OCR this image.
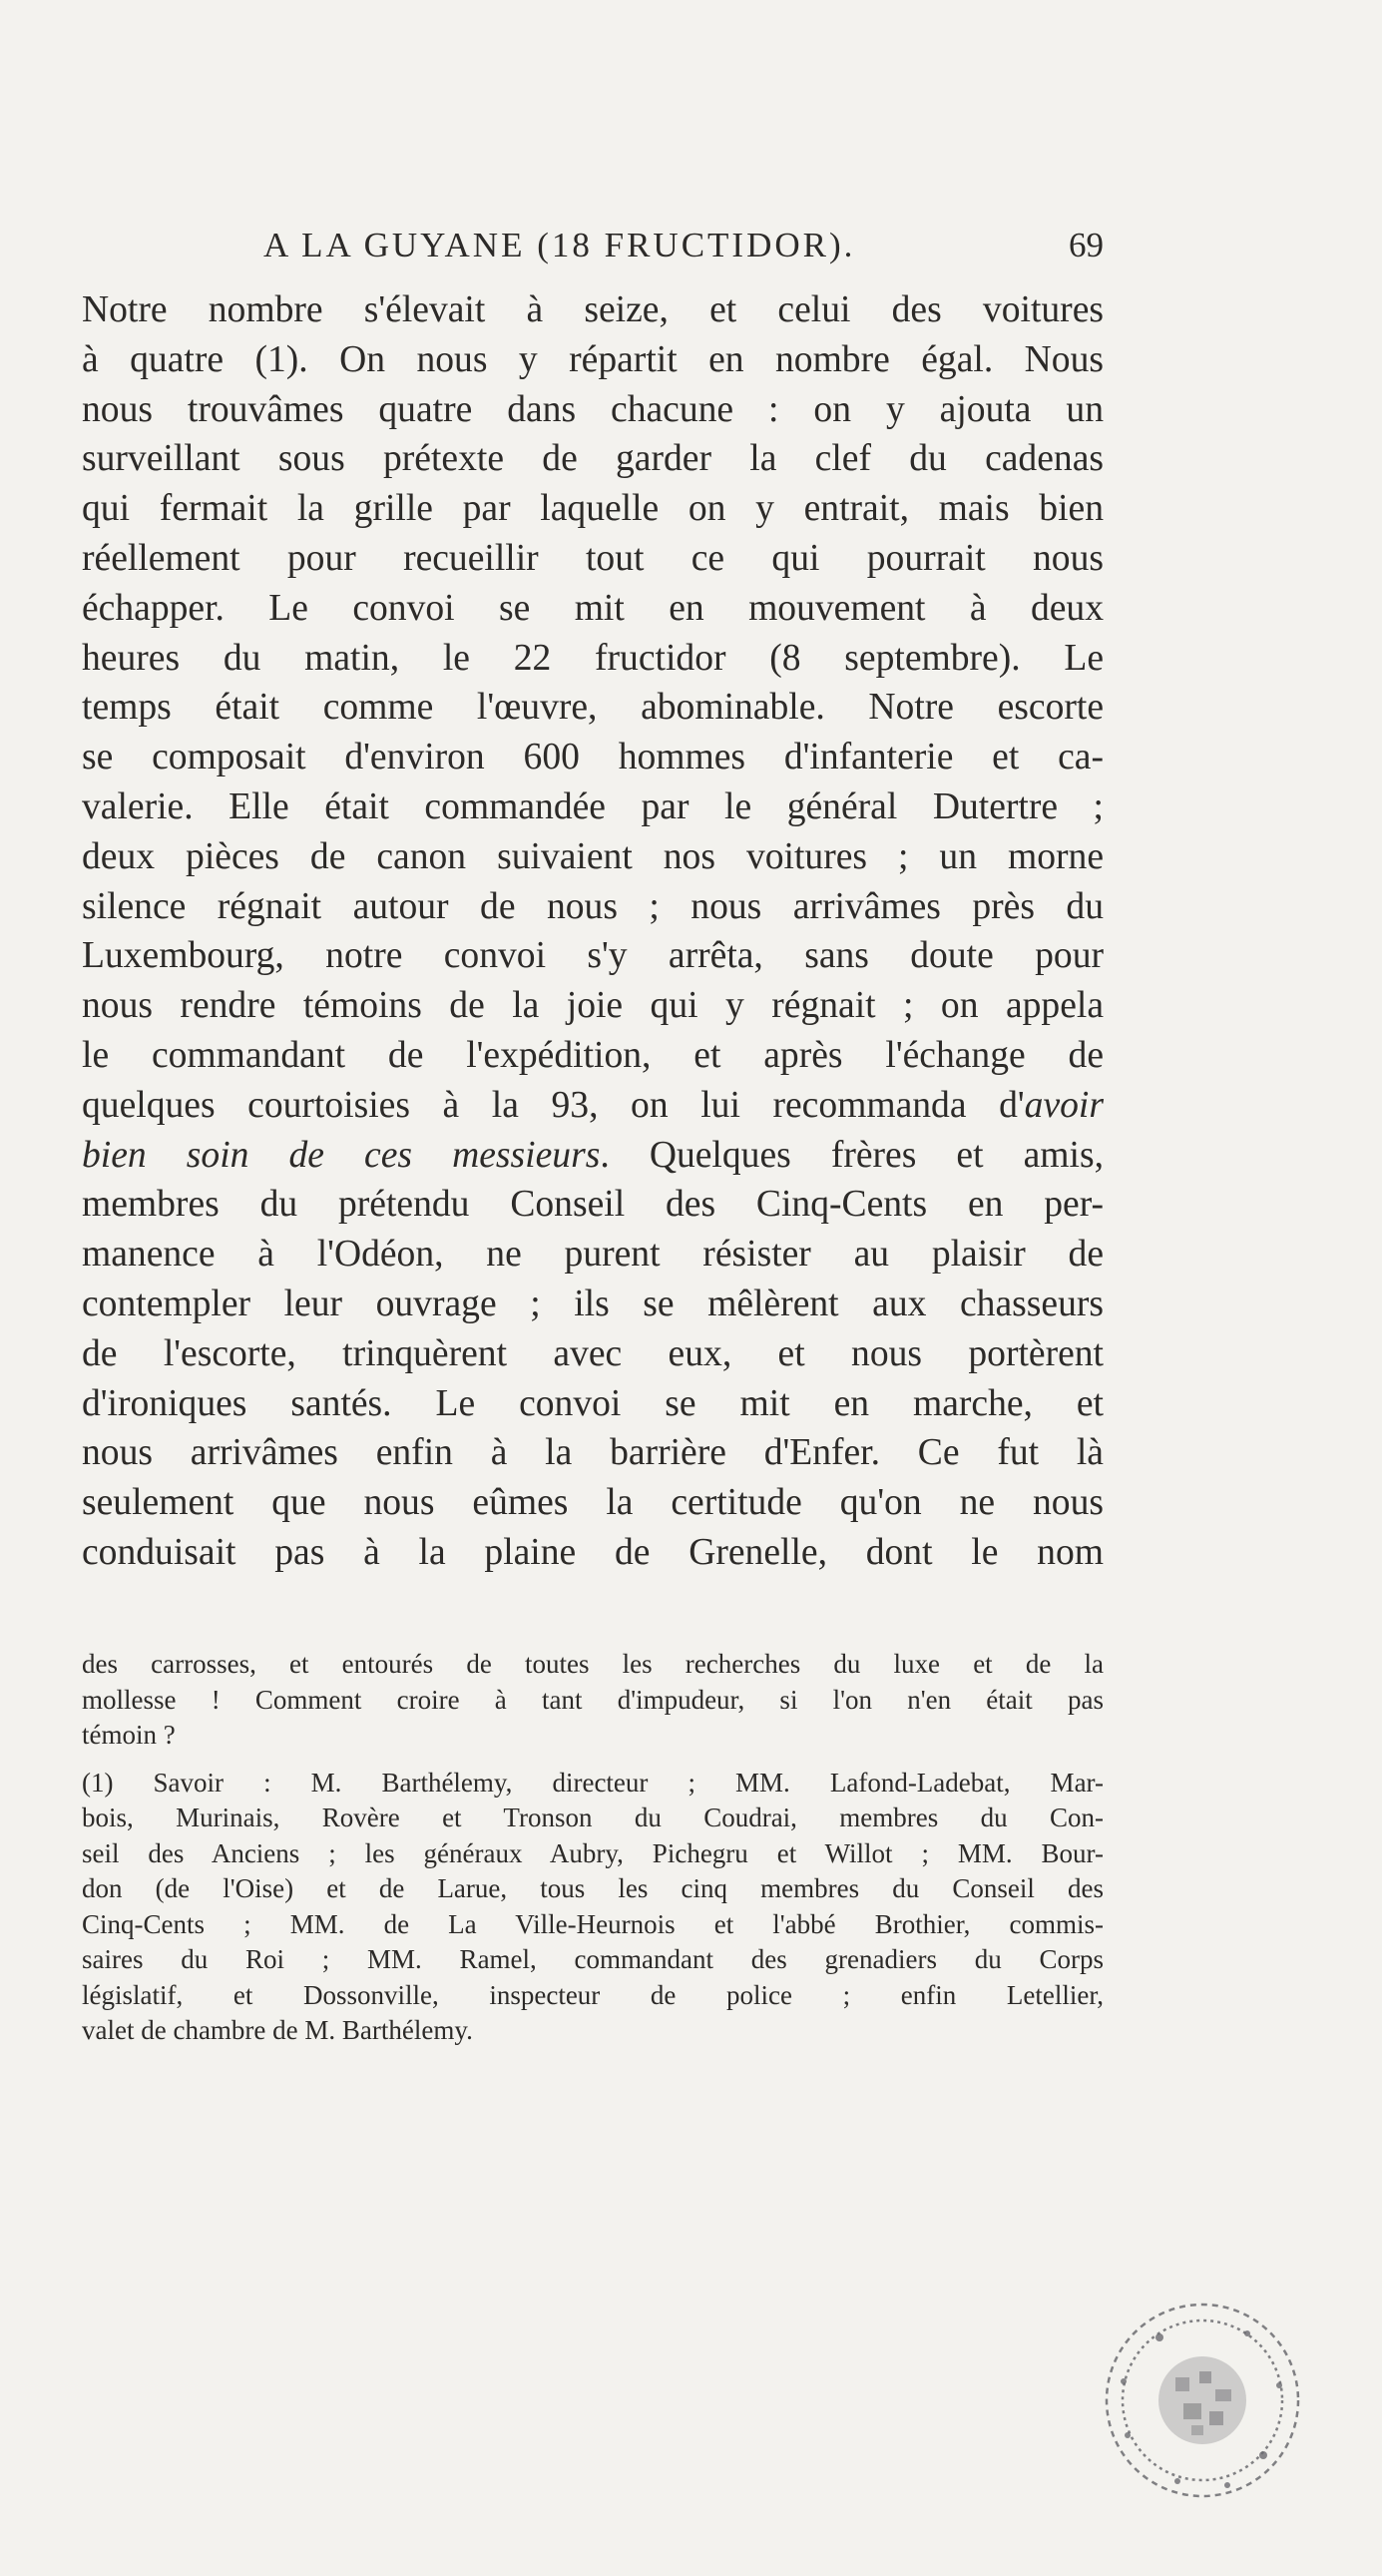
A LA GUYANE (18 FRUCTIDOR).	69
Notre nombre s'élevait à seize, et celui des voitures
à quatre (1). On nous y répartit en nombre égal. Nous
nous trouvâmes quatre dans chacune : on y ajouta un
surveillant sous prétexte de garder la clef du cadenas
qui fermait la grille par laquelle on y entrait, mais bien
réellement pour recueillir tout ce qui pourrait nous
échapper. Le convoi se mit en mouvement à deux
heures du matin, le 22 fructidor (8 septembre). Le
temps était comme l'œuvre, abominable. Notre escorte
se composait d'environ 600 hommes d'infanterie et ca-
valerie. Elle était commandée par le général Dutertre ;
deux pièces de canon suivaient nos voitures ; un morne
silence régnait autour de nous ; nous arrivâmes près du
Luxembourg, notre convoi s'y arrêta, sans doute pour
nous rendre témoins de la joie qui y régnait ; on appela
le commandant de l'expédition, et après l'échange de
quelques courtoisies à la 93, on lui recommanda d'avoir
bien soin de ces messieurs. Quelques frères et amis,
membres du prétendu Conseil des Cinq-Cents en per-
manence à l'Odéon, ne purent résister au plaisir de
contempler leur ouvrage ; ils se mêlèrent aux chasseurs
de l'escorte, trinquèrent avec eux, et nous portèrent
d'ironiques santés. Le convoi se mit en marche, et
nous arrivâmes enfin à la barrière d'Enfer. Ce fut là
seulement que nous eûmes la certitude qu'on ne nous
conduisait pas à la plaine de Grenelle, dont le nom
des carrosses, et entourés de toutes les recherches du luxe et de la
mollesse ! Comment croire à tant d'impudeur, si l'on n'en était pas
témoin ?
(1) Savoir : M. Barthélemy, directeur ; MM. Lafond-Ladebat, Mar-
bois, Murinais, Rovère et Tronson du Coudrai, membres du Con-
seil des Anciens ; les généraux Aubry, Pichegru et Willot ; MM. Bour-
don (de l'Oise) et de Larue, tous les cinq membres du Conseil des
Cinq-Cents ; MM. de La Ville-Heurnois et l'abbé Brothier, commis-
saires du Roi ; MM. Ramel, commandant des grenadiers du Corps
législatif, et Dossonville, inspecteur de police ; enfin Letellier,
valet de chambre de M. Barthélemy.
